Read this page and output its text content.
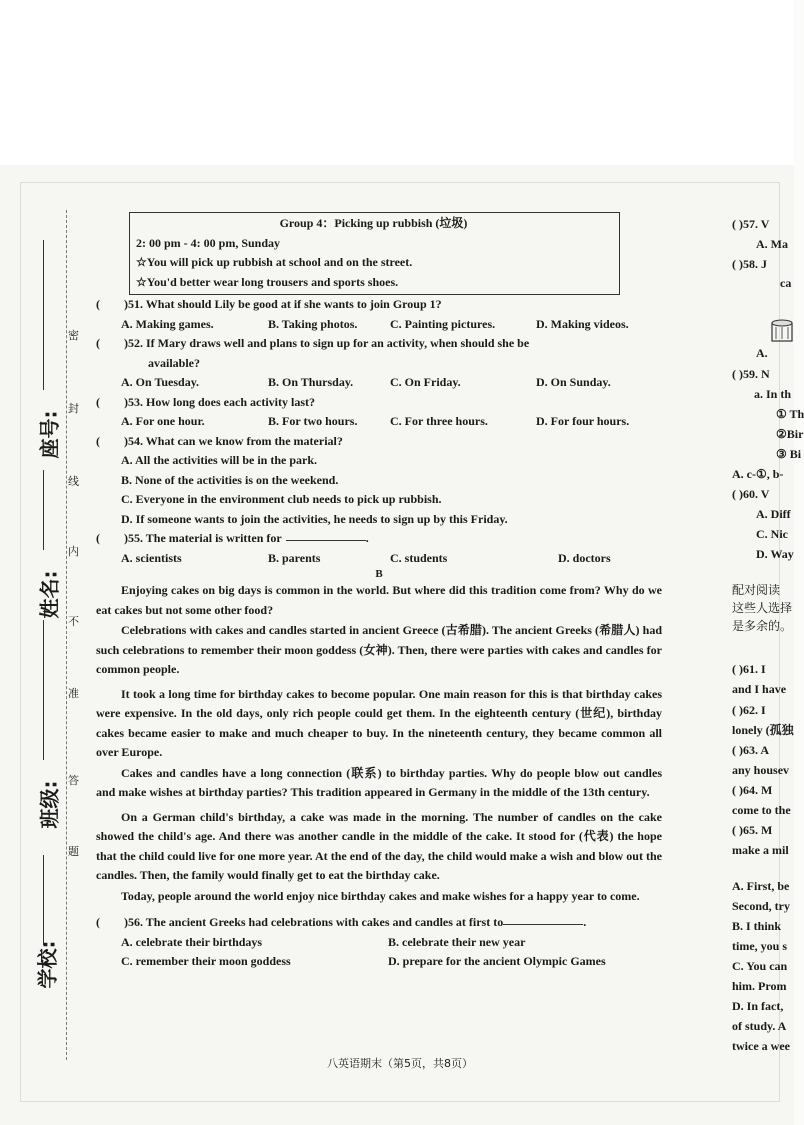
学校:
班级:
姓名:
座号:
密
封
线
内
不
准
答
题
Group 4：Picking up rubbish (垃圾)
2: 00 pm - 4: 00 pm, Sunday
☆You will pick up rubbish at school and on the street.
☆You'd better wear long trousers and sports shoes.
(	)51. What should Lily be good at if she wants to join Group 1?
A. Making games.	B. Taking photos.	C. Painting pictures.	D. Making videos.
(	)52. If Mary draws well and plans to sign up for an activity, when should she be
available?
A. On Tuesday.	B. On Thursday.	C. On Friday.	D. On Sunday.
(	)53. How long does each activity last?
A. For one hour.	B. For two hours.	C. For three hours.	D. For four hours.
(	)54. What can we know from the material?
A. All the activities will be in the park.
B. None of the activities is on the weekend.
C. Everyone in the environment club needs to pick up rubbish.
D. If someone wants to join the activities, he needs to sign up by this Friday.
(	)55. The material is written for	.
A. scientists	B. parents	C. students	D. doctors
B

Enjoying cakes on big days is common in the world. But where did this tradition come from? Why do we eat cakes but not some other food?

Celebrations with cakes and candles started in ancient Greece (古希腊). The ancient Greeks (希腊人) had such celebrations to remember their moon goddess (女神). Then, there were parties with cakes and candles for common people.

It took a long time for birthday cakes to become popular. One main reason for this is that birthday cakes were expensive. In the old days, only rich people could get them. In the eighteenth century (世纪), birthday cakes became easier to make and much cheaper to buy. In the nineteenth century, they became common all over Europe.

Cakes and candles have a long connection (联系) to birthday parties. Why do people blow out candles and make wishes at birthday parties? This tradition appeared in Germany in the middle of the 13th century.

On a German child's birthday, a cake was made in the morning. The number of candles on the cake showed the child's age. And there was another candle in the middle of the cake. It stood for (代表) the hope that the child could live for one more year. At the end of the day, the child would make a wish and blow out the candles. Then, the family would finally get to eat the birthday cake.

Today, people around the world enjoy nice birthday cakes and make wishes for a happy year to come.

(	)56. The ancient Greeks had celebrations with cakes and candles at first to	.
A. celebrate their birthdays	B. celebrate their new year
C. remember their moon goddess	D. prepare for the ancient Olympic Games
八英语期末（第5页，共8页）
( )57. V
A. Ma
( )58. J
ca
A.
( )59. N
a. In th
① Th
②Bir
③ Bi
A. c-①, b-
( )60. V
A. Diff
C. Nic
D. Way
配对阅读
这些人选择
是多余的。
( )61. I
and I have
( )62. I
lonely (孤独
( )63. A
any housev
( )64. M
come to the
( )65. M
make a mil
A. First, be
Second, try
B. I think
time, you s
C. You can
him. Prom
D. In fact,
of study. A
twice a wee
